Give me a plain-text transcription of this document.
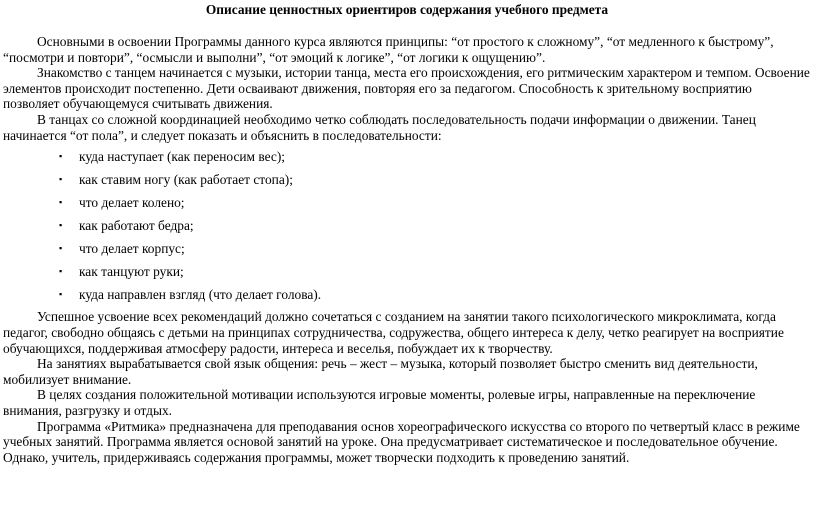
Описание ценностных ориентиров содержания учебного предмета

Основными в освоении Программы данного курса являются принципы: “от простого к сложному”, “от медленного к быстрому”, “посмотри и повтори”, “осмысли и выполни”, “от эмоций к логике”, “от логики к ощущению”.

Знакомство с танцем начинается с музыки, истории танца, места его происхождения, его ритмическим характером и темпом. Освоение элементов происходит постепенно. Дети осваивают движения, повторяя его за педагогом. Способность к зрительному восприятию позволяет обучающемуся считывать движения.

В танцах со сложной координацией необходимо четко соблюдать последовательность подачи информации о движении. Танец начинается “от пола”, и следует показать и объяснить в последовательности:

▪ куда наступает (как переносим вес);
▪ как ставим ногу (как работает стопа);
▪ что делает колено;
▪ как работают бедра;
▪ что делает корпус;
▪ как танцуют руки;
▪ куда направлен взгляд (что делает голова).

Успешное усвоение всех рекомендаций должно сочетаться с созданием на занятии такого психологического микроклимата, когда педагог, свободно общаясь с детьми на принципах сотрудничества, содружества, общего интереса к делу, четко реагирует на восприятие обучающихся, поддерживая атмосферу радости, интереса и веселья, побуждает их к творчеству.

На занятиях вырабатывается свой язык общения: речь – жест – музыка, который позволяет быстро сменить вид деятельности, мобилизует внимание.

В целях создания положительной мотивации используются игровые моменты, ролевые игры, направленные на переключение внимания, разгрузку и отдых.

Программа «Ритмика» предназначена для преподавания основ хореографического искусства со второго по четвертый класс в режиме учебных занятий. Программа является основой занятий на уроке. Она предусматривает систематическое и последовательное обучение. Однако, учитель, придерживаясь содержания программы, может творчески подходить к проведению занятий.
